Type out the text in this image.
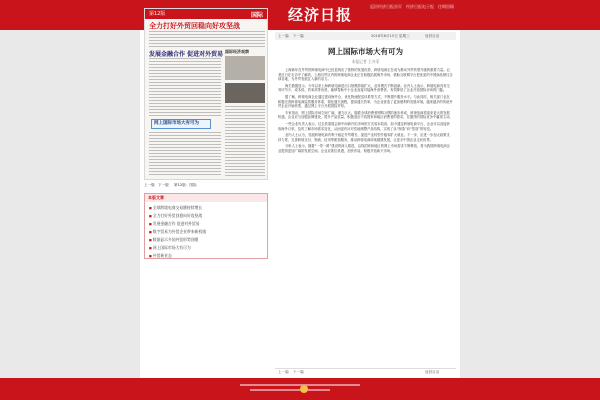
经济日报	返回经济日报首页 经济日报电子报 往期回顾
第12版	国际
全力打好外贸回稳向好攻坚战
发展金融合作 促进对外贸易 国际经济观察
网上国际市场大有可为
上一版 下一版 第12版：国际
本版文章
■ 全球跨境电商交易额持续增长
■ 全力打好外贸回稳向好攻坚战
■ 发展金融合作 促进对外贸易
■ 数字贸易为外贸企业带来新机遇
■ 数据显示多国外贸形势回暖
■ 网上国际市场大有可为
■ 外贸新业态
上一篇 下一篇	2016年6月15日 星期三	返回目录
网上国际市场大有可为
本报记者 王亦菲

上海新年在外贸的跨境电商中已经显现出了独特的发展优势，跨境电商正在成为推动外贸转型升级的重要力量。记者近日在走访中了解到，上海自贸区内的跨境电商企业正在积极拓展海外市场，借助互联网平台把优质的中国商品销往全球各地，为外贸发展注入新的活力。

海关数据显示，今年以来上海跨境电商进出口规模持续扩大，业务模式不断创新。业内人士表示，跨境电商具有交易环节少、成本低、效率高等优势，能够帮助中小企业直接对接海外消费者，有效降低了企业开拓国际市场的门槛。

据了解，跨境电商企业通过建设海外仓、优化物流配送体系等方式，不断提升服务水平。与此同时，相关部门也在积极完善跨境电商监管服务体系，简化通关流程，提高通关效率，为企业营造了更加便利的发展环境。越来越多的传统外贸企业开始转型，通过网上平台开展国际贸易。

专家指出，网上国际市场空间广阔，潜力巨大。随着全球消费者网购习惯的逐步养成，跨境电商将迎来更大的发展机遇。企业应当加强品牌建设，提升产品质量，积极适应不同国家和地区消费者的需求，在激烈的国际竞争中赢得主动。

一些企业负责人表示，过去依靠展会和中间商开拓市场的方式成本较高，如今通过跨境电商平台，企业可以直接获取海外订单，及时了解市场需求变化，从而更有针对性地调整产品结构，实现了从“制造”向“智造”的转变。

业内人士认为，发展跨境电商有利于稳定外贸增长、促进产业转型升级和扩大就业。下一步，应进一步加大政策支持力度，完善跨境支付、物流、信用等配套服务，推动跨境电商持续健康发展，让更多中国企业走向世界。

分析人士表示，随着“一带一路”建设的深入推进，沿线国家和地区的网上市场需求不断释放，将为我国跨境电商企业提供更加广阔的发展空间。企业应抓住机遇，加快布局，积极开拓新兴市场。

上一篇 下一篇	返回目录
